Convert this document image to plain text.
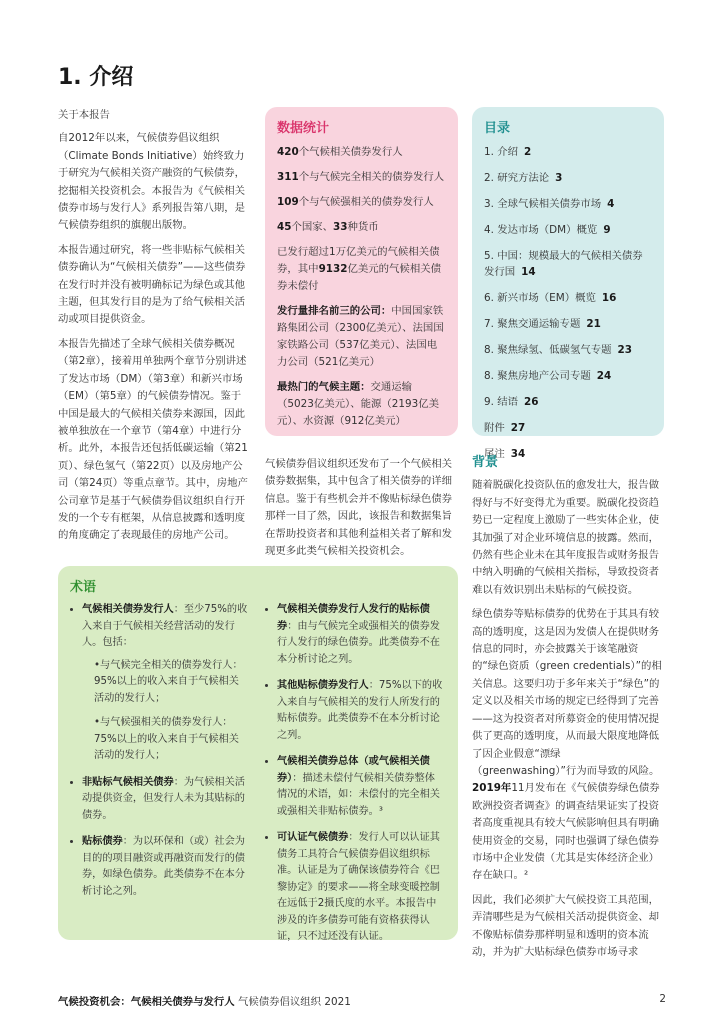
1. 介绍

关于本报告

自2012年以来，气候债券倡议组织（Climate Bonds Initiative）始终致力于研究为气候相关资产融资的气候债券，挖掘相关投资机会。本报告为《气候相关债券市场与发行人》系列报告第八期，是气候债券组织的旗舰出版物。

本报告通过研究，将一些非贴标气候相关债券确认为“气候相关债券”——这些债券在发行时并没有被明确标记为绿色或其他主题，但其发行目的是为了给气候相关活动或项目提供资金。

本报告先描述了全球气候相关债券概况（第2章），接着用单独两个章节分别讲述了发达市场（DM）（第3章）和新兴市场（EM）（第5章）的气候债券情况。鉴于中国是最大的气候相关债券来源国，因此被单独放在一个章节（第4章）中进行分析。此外，本报告还包括低碳运输（第21页）、绿色氢气（第22页）以及房地产公司（第24页）等重点章节。其中，房地产公司章节是基于气候债券倡议组织自行开发的一个专有框架，从信息披露和透明度的角度确定了表现最佳的房地产公司。

数据统计
420个气候相关债券发行人
311个与气候完全相关的债券发行人
109个与气候强相关的债券发行人
45个国家、33种货币
已发行超过1万亿美元的气候相关债券，其中9132亿美元的气候相关债券未偿付
发行量排名前三的公司：中国国家铁路集团公司（2300亿美元）、法国国家铁路公司（537亿美元）、法国电力公司（521亿美元）
最热门的气候主题：交通运输（5023亿美元）、能源（2193亿美元）、水资源（912亿美元）
目录
1. 介绍 2
2. 研究方法论 3
3. 全球气候相关债券市场 4
4. 发达市场（DM）概览 9
5. 中国：规模最大的气候相关债券发行国 14
6. 新兴市场（EM）概览 16
7. 聚焦交通运输专题 21
8. 聚焦绿氢、低碳氢气专题 23
8. 聚焦房地产公司专题 24
9. 结语 26
附件 27
尾注 34
气候债券倡议组织还发布了一个气候相关债券数据集，其中包含了相关债券的详细信息。鉴于有些机会并不像贴标绿色债券那样一目了然，因此，该报告和数据集旨在帮助投资者和其他利益相关者了解和发现更多此类气候相关投资机会。
背景

随着脱碳化投资队伍的愈发壮大，报告做得好与不好变得尤为重要。脱碳化投资趋势已一定程度上激励了一些实体企业，使其加强了对企业环境信息的披露。然而，仍然有些企业未在其年度报告或财务报告中纳入明确的气候相关指标，导致投资者难以有效识别出未贴标的气候投资。

绿色债券等贴标债券的优势在于其具有较高的透明度，这是因为发债人在提供财务信息的同时，亦会披露关于该笔融资的“绿色资质（green credentials）”的相关信息。这要归功于多年来关于“绿色”的定义以及相关市场的规定已经得到了完善——这为投资者对所募资金的使用情况提供了更高的透明度，从而最大限度地降低了因企业假意“漂绿（greenwashing）”行为而导致的风险。2019年11月发布在《气候债券绿色债券欧洲投资者调查》的调查结果证实了投资者高度重视具有较大气候影响但具有明确使用资金的交易，同时也强调了绿色债券市场中企业发债（尤其是实体经济企业）存在缺口。²

因此，我们必须扩大气候投资工具范围，弄清哪些是为气候相关活动提供资金、却不像贴标债券那样明显和透明的资本流动，并为扩大贴标绿色债券市场寻求

术语
• 气候相关债券发行人：至少75%的收入来自于气候相关经营活动的发行人。包括：
•与气候完全相关的债券发行人：95%以上的收入来自于气候相关活动的发行人；
•与气候强相关的债券发行人：75%以上的收入来自于气候相关活动的发行人；
• 非贴标气候相关债券：为气候相关活动提供资金，但发行人未为其贴标的债券。
• 贴标债券：为以环保和（或）社会为目的的项目融资或再融资而发行的债券，如绿色债券。此类债券不在本分析讨论之列。
• 气候相关债券发行人发行的贴标债券：由与气候完全或强相关的债券发行人发行的绿色债券。此类债券不在本分析讨论之列。
• 其他贴标债券发行人：75%以下的收入来自与气候相关的发行人所发行的贴标债券。此类债券不在本分析讨论之列。
• 气候相关债券总体（或气候相关债券）：描述未偿付气候相关债券整体情况的术语，如：未偿付的完全相关或强相关非贴标债券。³
• 可认证气候债券：发行人可以认证其债务工具符合气候债券倡议组织标准。认证是为了确保该债券符合《巴黎协定》的要求——将全球变暖控制在远低于2摄氏度的水平。本报告中涉及的许多债券可能有资格获得认证，只不过还没有认证。
气候投资机会：气候相关债券与发行人 气候债券倡议组织 2021	2
